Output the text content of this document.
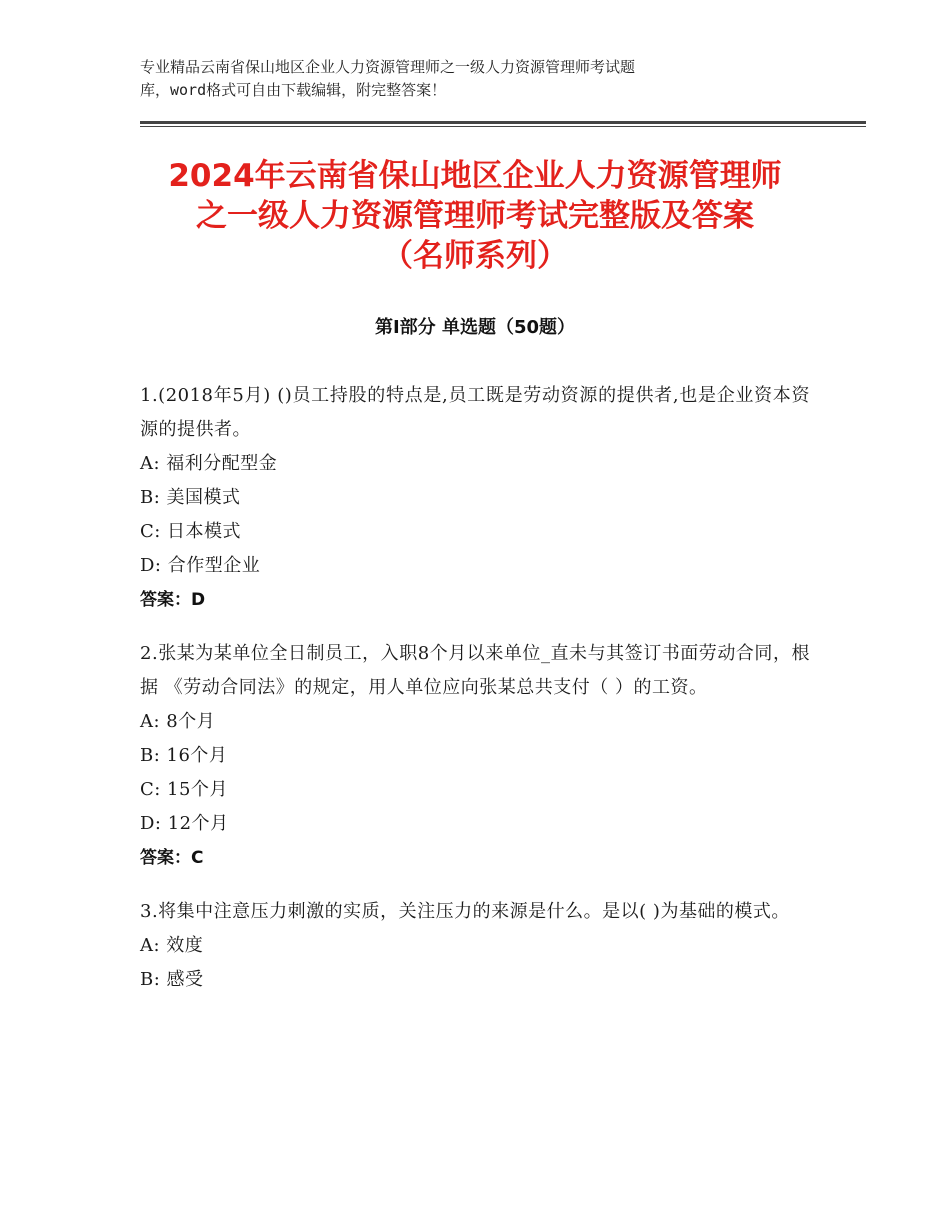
专业精品云南省保山地区企业人力资源管理师之一级人力资源管理师考试题
库，word格式可自由下载编辑，附完整答案！
2024年云南省保山地区企业人力资源管理师
之一级人力资源管理师考试完整版及答案
（名师系列）
第Ⅰ部分 单选题（50题）
1.(2018年5月) ()员工持股的特点是,员工既是劳动资源的提供者,也是企业资本资源的提供者。
A: 福利分配型金
B: 美国模式
C: 日本模式
D: 合作型企业
答案：D
2.张某为某单位全日制员工，入职8个月以来单位_直未与其签订书面劳动合同，根据 《劳动合同法》的规定，用人单位应向张某总共支付（ ）的工资。
A: 8个月
B: 16个月
C: 15个月
D: 12个月
答案：C
3.将集中注意压力刺激的实质，关注压力的来源是什么。是以( )为基础的模式。
A: 效度
B: 感受
